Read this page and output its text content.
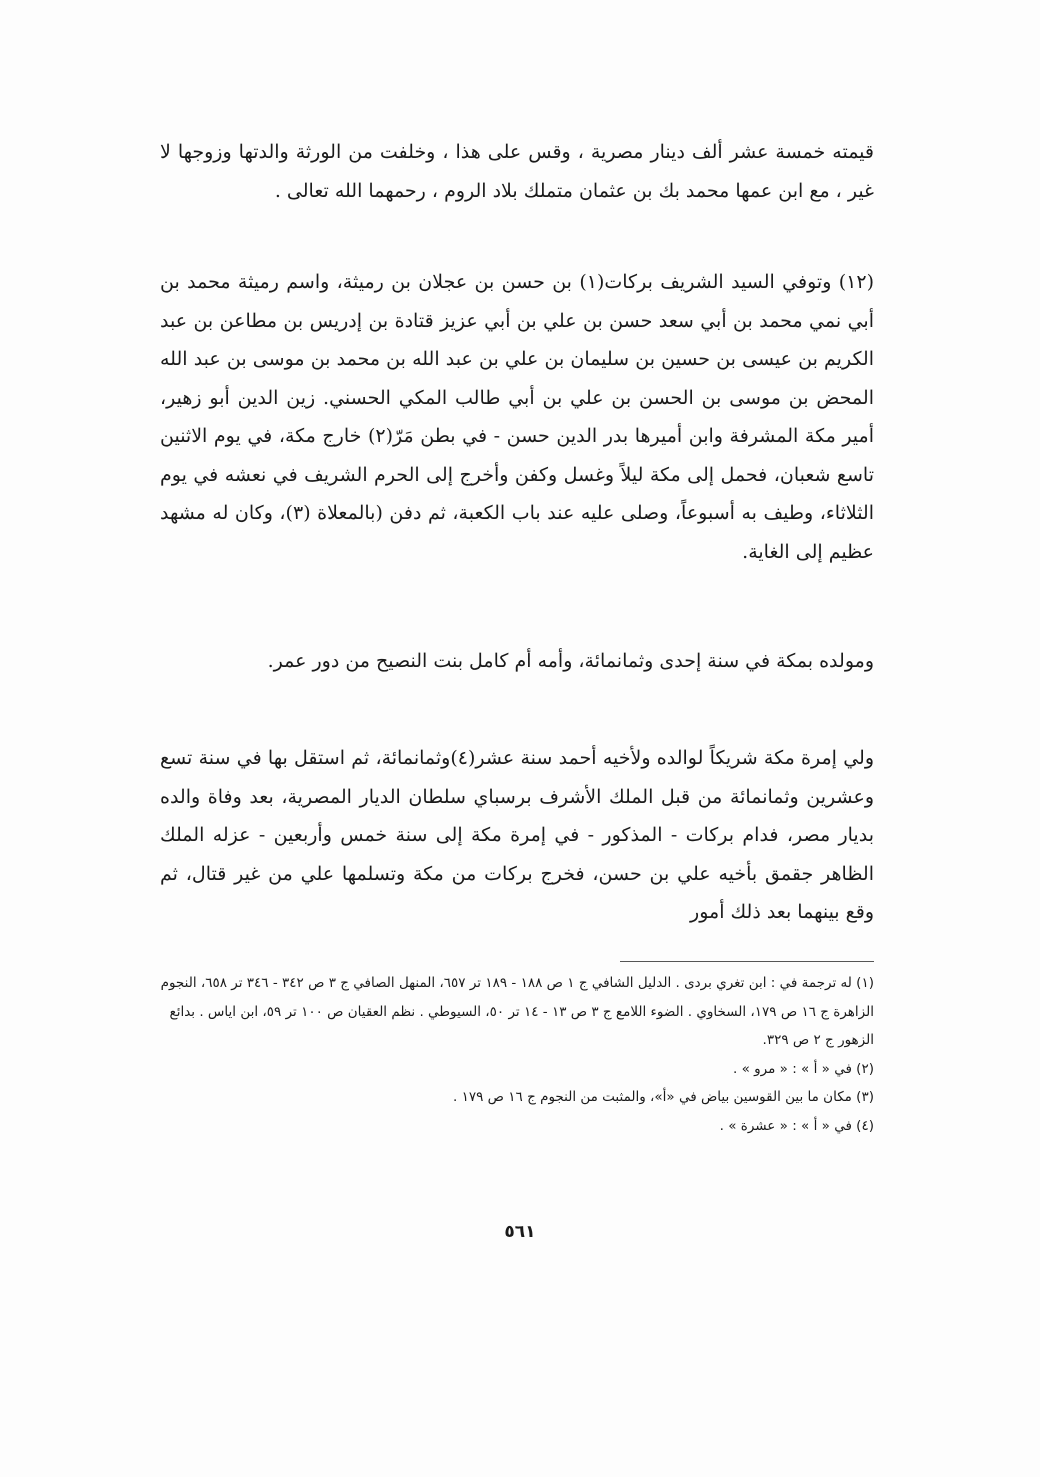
قيمته خمسة عشر ألف دينار مصرية ، وقس على هذا ، وخلفت من الورثة والدتها وزوجها لا غير ، مع ابن عمها محمد بك بن عثمان متملك بلاد الروم ، رحمهما الله تعالى .

(١٢) وتوفي السيد الشريف بركات(١) بن حسن بن عجلان بن رميثة، واسم رميثة محمد بن أبي نمي محمد بن أبي سعد حسن بن علي بن أبي عزيز قتادة بن إدريس بن مطاعن بن عبد الكريم بن عيسى بن حسين بن سليمان بن علي بن عبد الله بن محمد بن موسى بن عبد الله المحض بن موسى بن الحسن بن علي بن أبي طالب المكي الحسني. زين الدين أبو زهير، أمير مكة المشرفة وابن أميرها بدر الدين حسن - في بطن مَرّ(٢) خارج مكة، في يوم الاثنين تاسع شعبان، فحمل إلى مكة ليلاً وغسل وكفن وأخرج إلى الحرم الشريف في نعشه في يوم الثلاثاء، وطيف به أسبوعاً، وصلى عليه عند باب الكعبة، ثم دفن (بالمعلاة (٣)، وكان له مشهد عظيم إلى الغاية.

ومولده بمكة في سنة إحدى وثمانمائة، وأمه أم كامل بنت النصيح من دور عمر.

ولي إمرة مكة شريكاً لوالده ولأخيه أحمد سنة عشر(٤)وثمانمائة، ثم استقل بها في سنة تسع وعشرين وثمانمائة من قبل الملك الأشرف برسباي سلطان الديار المصرية، بعد وفاة والده بديار مصر، فدام بركات - المذكور - في إمرة مكة إلى سنة خمس وأربعين - عزله الملك الظاهر جقمق بأخيه علي بن حسن، فخرج بركات من مكة وتسلمها علي من غير قتال، ثم وقع بينهما بعد ذلك أمور

(١) له ترجمة في : ابن تغري بردى . الدليل الشافي ج ١ ص ١٨٨ - ١٨٩ تر ٦٥٧، المنهل الصافي ج ٣ ص ٣٤٢ - ٣٤٦ تر ٦٥٨، النجوم الزاهرة ج ١٦ ص ١٧٩، السخاوي . الضوء اللامع ج ٣ ص ١٣ - ١٤ تر ٥٠، السيوطي . نظم العقيان ص ١٠٠ تر ٥٩، ابن اياس . بدائع الزهور ج ٢ ص ٣٢٩.

(٢) في « أ » : « مرو » .

(٣) مكان ما بين القوسين بياض في «أ»، والمثبت من النجوم ج ١٦ ص ١٧٩ .

(٤) في « أ » : « عشرة » .

٥٦١
